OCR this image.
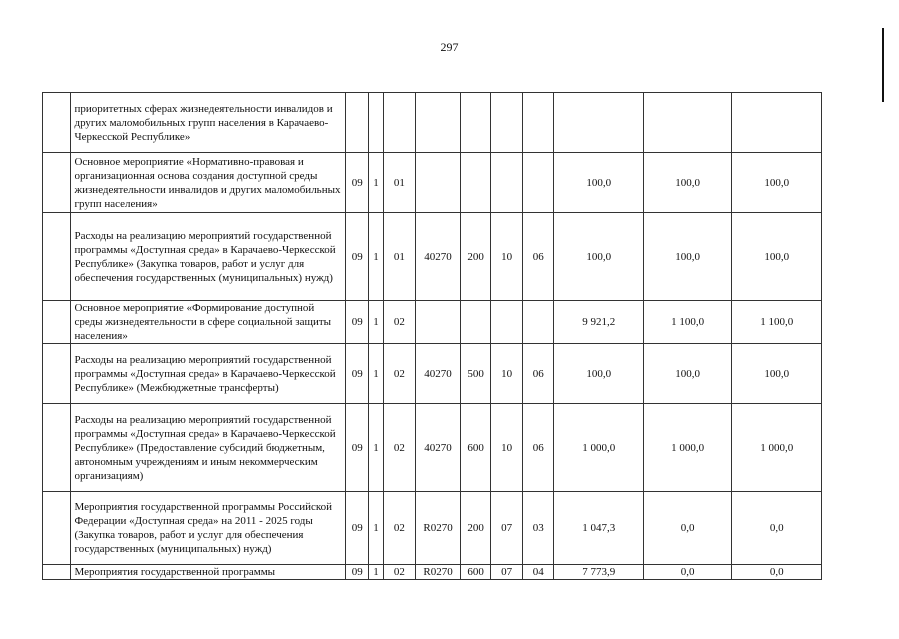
297
	приоритетных сферах жизнедеятельности инвалидов и других маломобильных групп населения в Карачаево-Черкесской Республике»										
	Основное мероприятие «Нормативно-правовая и организационная основа создания доступной среды жизнедеятельности инвалидов и других маломобильных групп населения»	09	1	01					100,0	100,0	100,0
	Расходы на реализацию мероприятий государственной программы «Доступная среда» в Карачаево-Черкесской Республике» (Закупка товаров, работ и услуг для обеспечения государственных (муниципальных) нужд)	09	1	01	40270	200	10	06	100,0	100,0	100,0
	Основное мероприятие «Формирование доступной среды жизнедеятельности в сфере социальной защиты населения»	09	1	02					9 921,2	1 100,0	1 100,0
	Расходы на реализацию мероприятий государственной программы «Доступная среда» в Карачаево-Черкесской Республике» (Межбюджетные трансферты)	09	1	02	40270	500	10	06	100,0	100,0	100,0
	Расходы на реализацию мероприятий государственной программы «Доступная среда» в Карачаево-Черкесской Республике» (Предоставление субсидий бюджетным, автономным учреждениям и иным некоммерческим организациям)	09	1	02	40270	600	10	06	1 000,0	1 000,0	1 000,0
	Мероприятия государственной программы Российской Федерации «Доступная среда» на 2011 - 2025 годы (Закупка товаров, работ и услуг для обеспечения государственных (муниципальных) нужд)	09	1	02	R0270	200	07	03	1 047,3	0,0	0,0
	Мероприятия государственной программы	09	1	02	R0270	600	07	04	7 773,9	0,0	0,0
